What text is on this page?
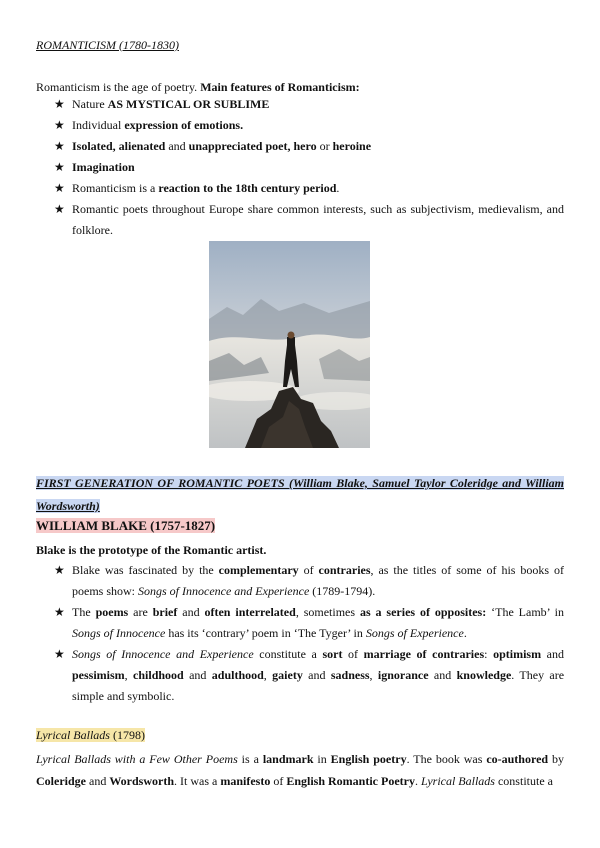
ROMANTICISM (1780-1830)
Romanticism is the age of poetry. Main features of Romanticism:
★ Nature AS MYSTICAL OR SUBLIME
★ Individual expression of emotions.
★ Isolated, alienated and unappreciated poet, hero or heroine
★ Imagination
★ Romanticism is a reaction to the 18th century period.
★ Romantic poets throughout Europe share common interests, such as subjectivism, medievalism, and folklore.
FIRST GENERATION OF ROMANTIC POETS (William Blake, Samuel Taylor Coleridge and William Wordsworth)
WILLIAM BLAKE (1757-1827)
Blake is the prototype of the Romantic artist.
★ Blake was fascinated by the complementary of contraries, as the titles of some of his books of poems show: Songs of Innocence and Experience (1789-1794).
★ The poems are brief and often interrelated, sometimes as a series of opposites: ‘The Lamb’ in Songs of Innocence has its ‘contrary’ poem in ‘The Tyger’ in Songs of Experience.
★ Songs of Innocence and Experience constitute a sort of marriage of contraries: optimism and pessimism, childhood and adulthood, gaiety and sadness, ignorance and knowledge. They are simple and symbolic.
Lyrical Ballads (1798)
Lyrical Ballads with a Few Other Poems is a landmark in English poetry. The book was co-authored by Coleridge and Wordsworth. It was a manifesto of English Romantic Poetry. Lyrical Ballads constitute a
